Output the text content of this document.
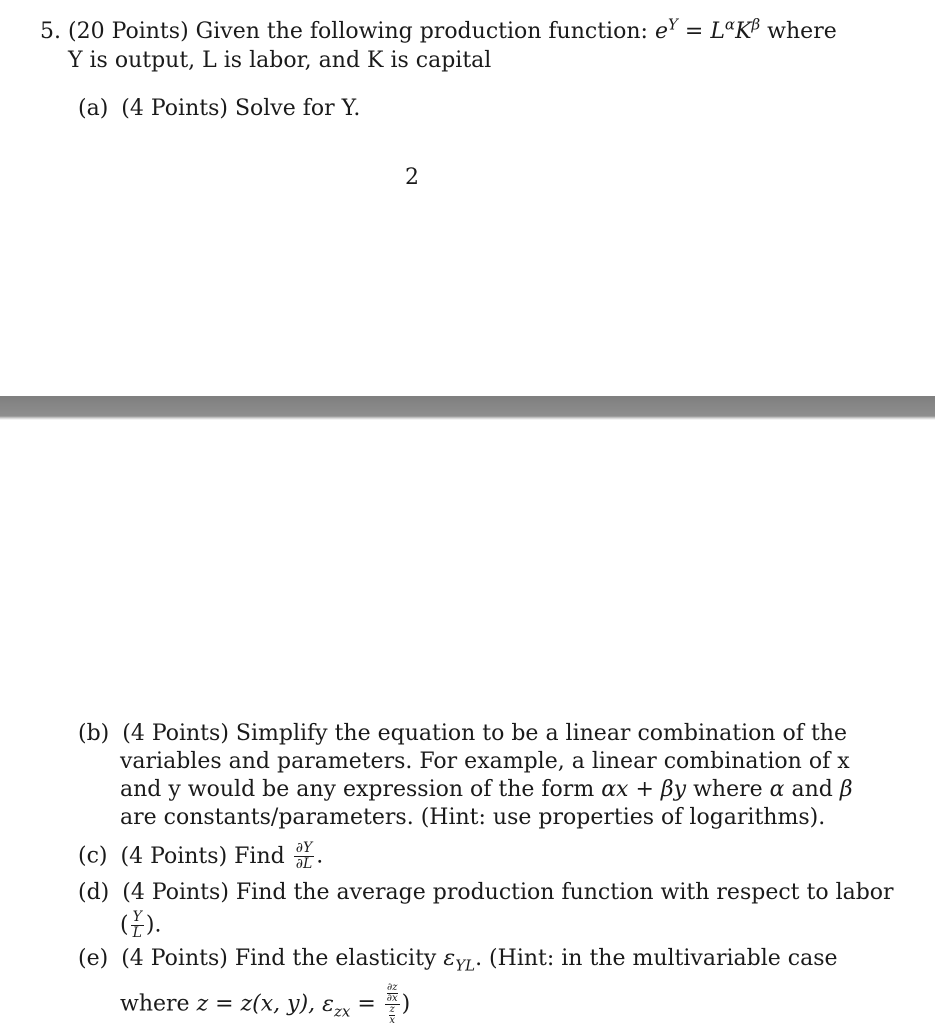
5. (20 Points) Given the following production function: $e^Y = L^\alpha K^\beta$ where
Y is output, L is labor, and K is capital
(a) (4 Points) Solve for Y.
2
(b) (4 Points) Simplify the equation to be a linear combination of the
variables and parameters. For example, a linear combination of x
and y would be any expression of the form αx + βy where α and β
are constants/parameters. (Hint: use properties of logarithms).
(c) (4 Points) Find $\frac{\partial Y}{\partial L}$ .
(d) (4 Points) Find the average production function with respect to labor
( $\frac{Y}{L}$ ).
(e) (4 Points) Find the elasticity $\varepsilon_{YL}$. (Hint: in the multivariable case
where z = z(x, y), $\varepsilon_{zx} = \partial z$
∂x
z
x )
